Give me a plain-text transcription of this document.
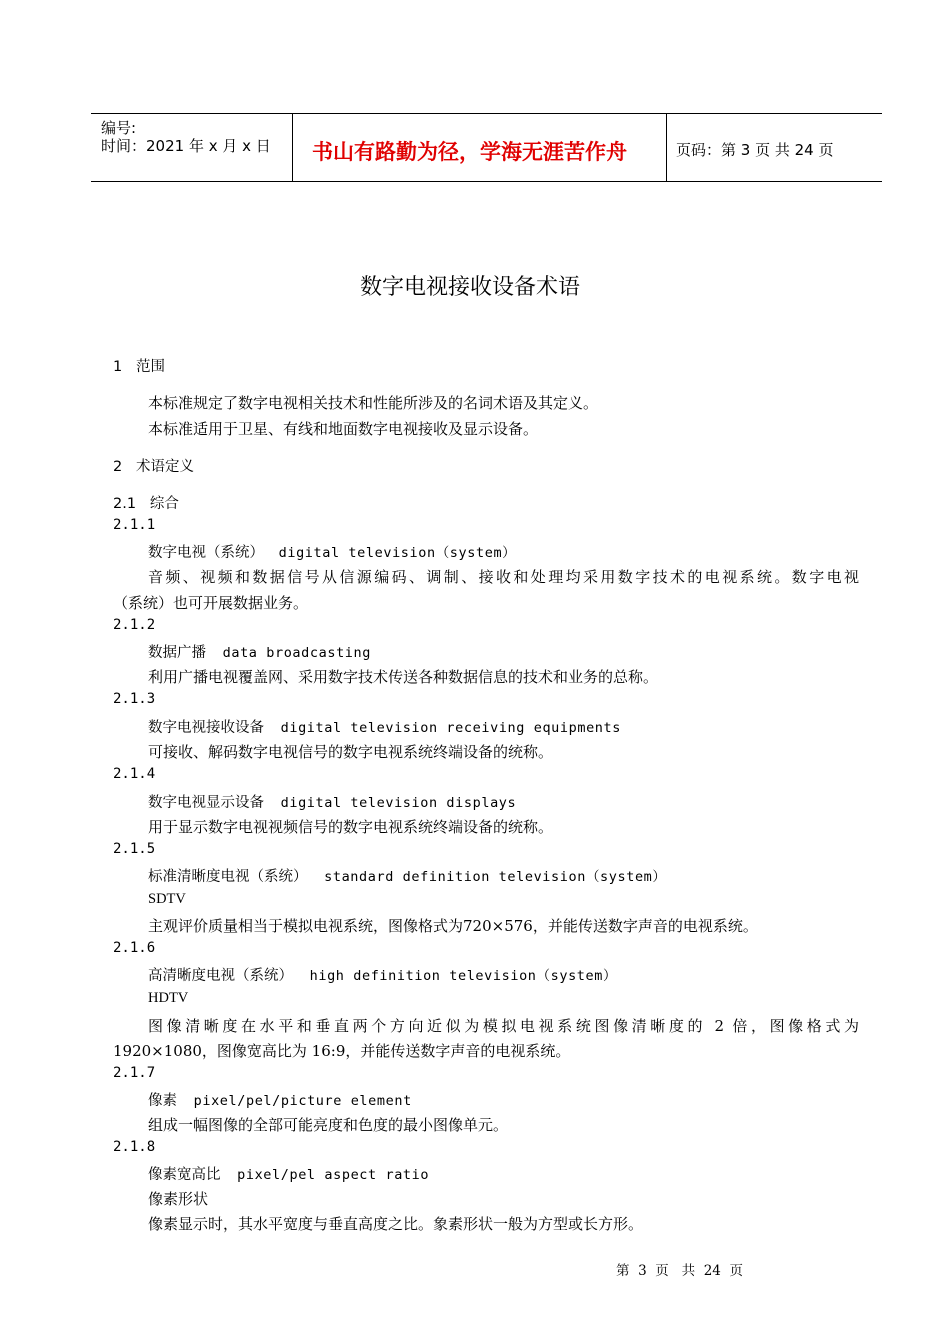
编号:
时间：2021 年 x 月 x 日 书山有路勤为径，学海无涯苦作舟	页码：第 3 页 共 24 页
数字电视接收设备术语
1   范围
本标准规定了数字电视相关技术和性能所涉及的名词术语及其定义。
本标准适用于卫星、有线和地面数字电视接收及显示设备。
2   术语定义
2.1   综合
2.1.1
数字电视（系统） digital television（system）
音频、视频和数据信号从信源编码、调制、接收和处理均采用数字技术的电视系统。数字电视
（系统）也可开展数据业务。
2.1.2
数据广播 data broadcasting
利用广播电视覆盖网、采用数字技术传送各种数据信息的技术和业务的总称。
2.1.3
数字电视接收设备 digital television receiving equipments
可接收、解码数字电视信号的数字电视系统终端设备的统称。
2.1.4
数字电视显示设备 digital television displays
用于显示数字电视视频信号的数字电视系统终端设备的统称。
2.1.5
标准清晰度电视（系统） standard definition television（system）
SDTV
主观评价质量相当于模拟电视系统，图像格式为720×576，并能传送数字声音的电视系统。
2.1.6
高清晰度电视（系统） high definition television（system）
HDTV
图像清晰度在水平和垂直两个方向近似为模拟电视系统图像清晰度的 2 倍，图像格式为
1920×1080，图像宽高比为 16:9，并能传送数字声音的电视系统。
2.1.7
像素 pixel/pel/picture element
组成一幅图像的全部可能亮度和色度的最小图像单元。
2.1.8
像素宽高比 pixel/pel aspect ratio
像素形状
像素显示时，其水平宽度与垂直高度之比。象素形状一般为方型或长方形。
第  3  页   共  24  页
